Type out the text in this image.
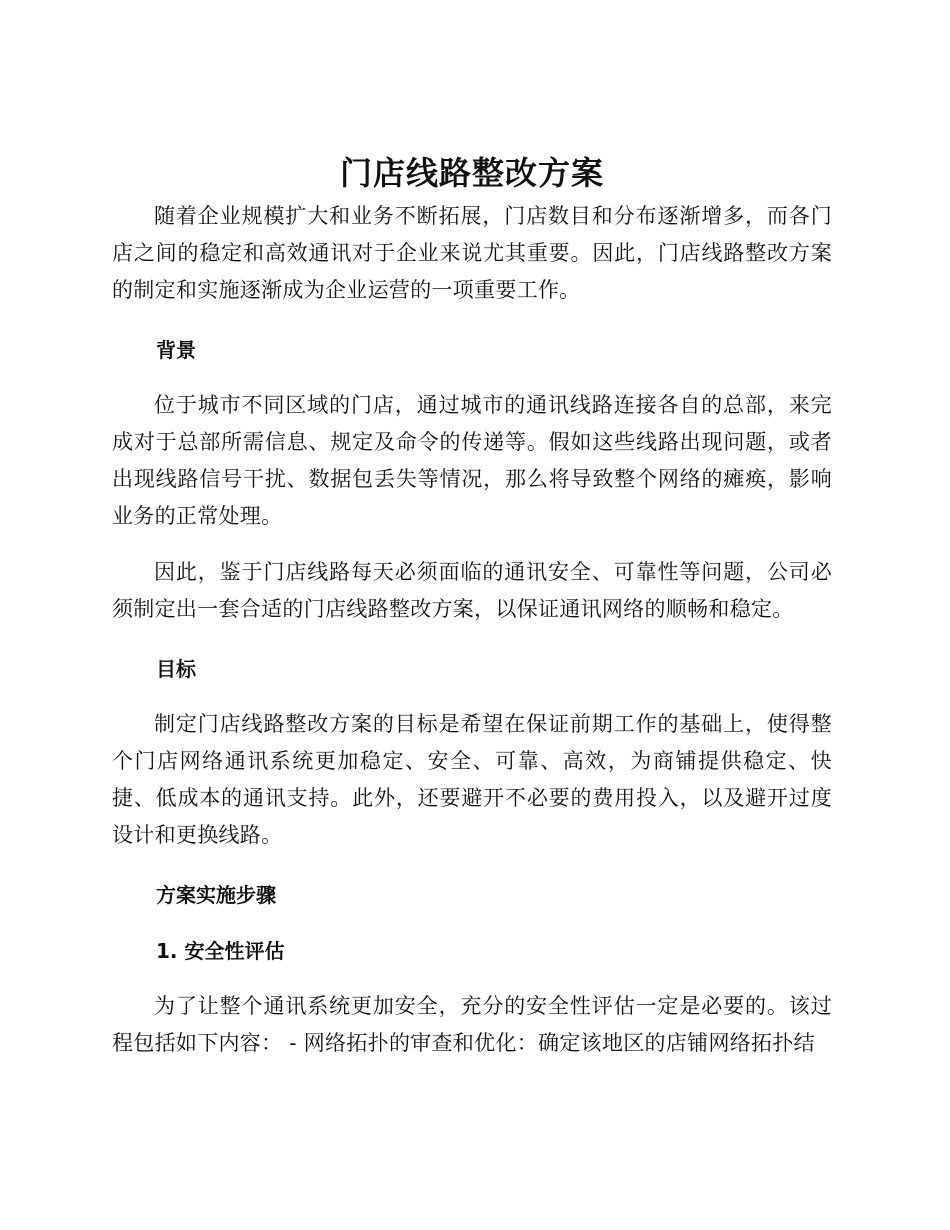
门店线路整改方案

随着企业规模扩大和业务不断拓展，门店数目和分布逐渐增多，而各门店之间的稳定和高效通讯对于企业来说尤其重要。因此，门店线路整改方案的制定和实施逐渐成为企业运营的一项重要工作。

背景

位于城市不同区域的门店，通过城市的通讯线路连接各自的总部，来完成对于总部所需信息、规定及命令的传递等。假如这些线路出现问题，或者出现线路信号干扰、数据包丢失等情况，那么将导致整个网络的瘫痪，影响业务的正常处理。

因此，鉴于门店线路每天必须面临的通讯安全、可靠性等问题，公司必须制定出一套合适的门店线路整改方案，以保证通讯网络的顺畅和稳定。

目标

制定门店线路整改方案的目标是希望在保证前期工作的基础上，使得整个门店网络通讯系统更加稳定、安全、可靠、高效，为商铺提供稳定、快捷、低成本的通讯支持。此外，还要避开不必要的费用投入，以及避开过度设计和更换线路。

方案实施步骤
1. 安全性评估

为了让整个通讯系统更加安全，充分的安全性评估一定是必要的。该过程包括如下内容： - 网络拓扑的审查和优化：确定该地区的店铺网络拓扑结
